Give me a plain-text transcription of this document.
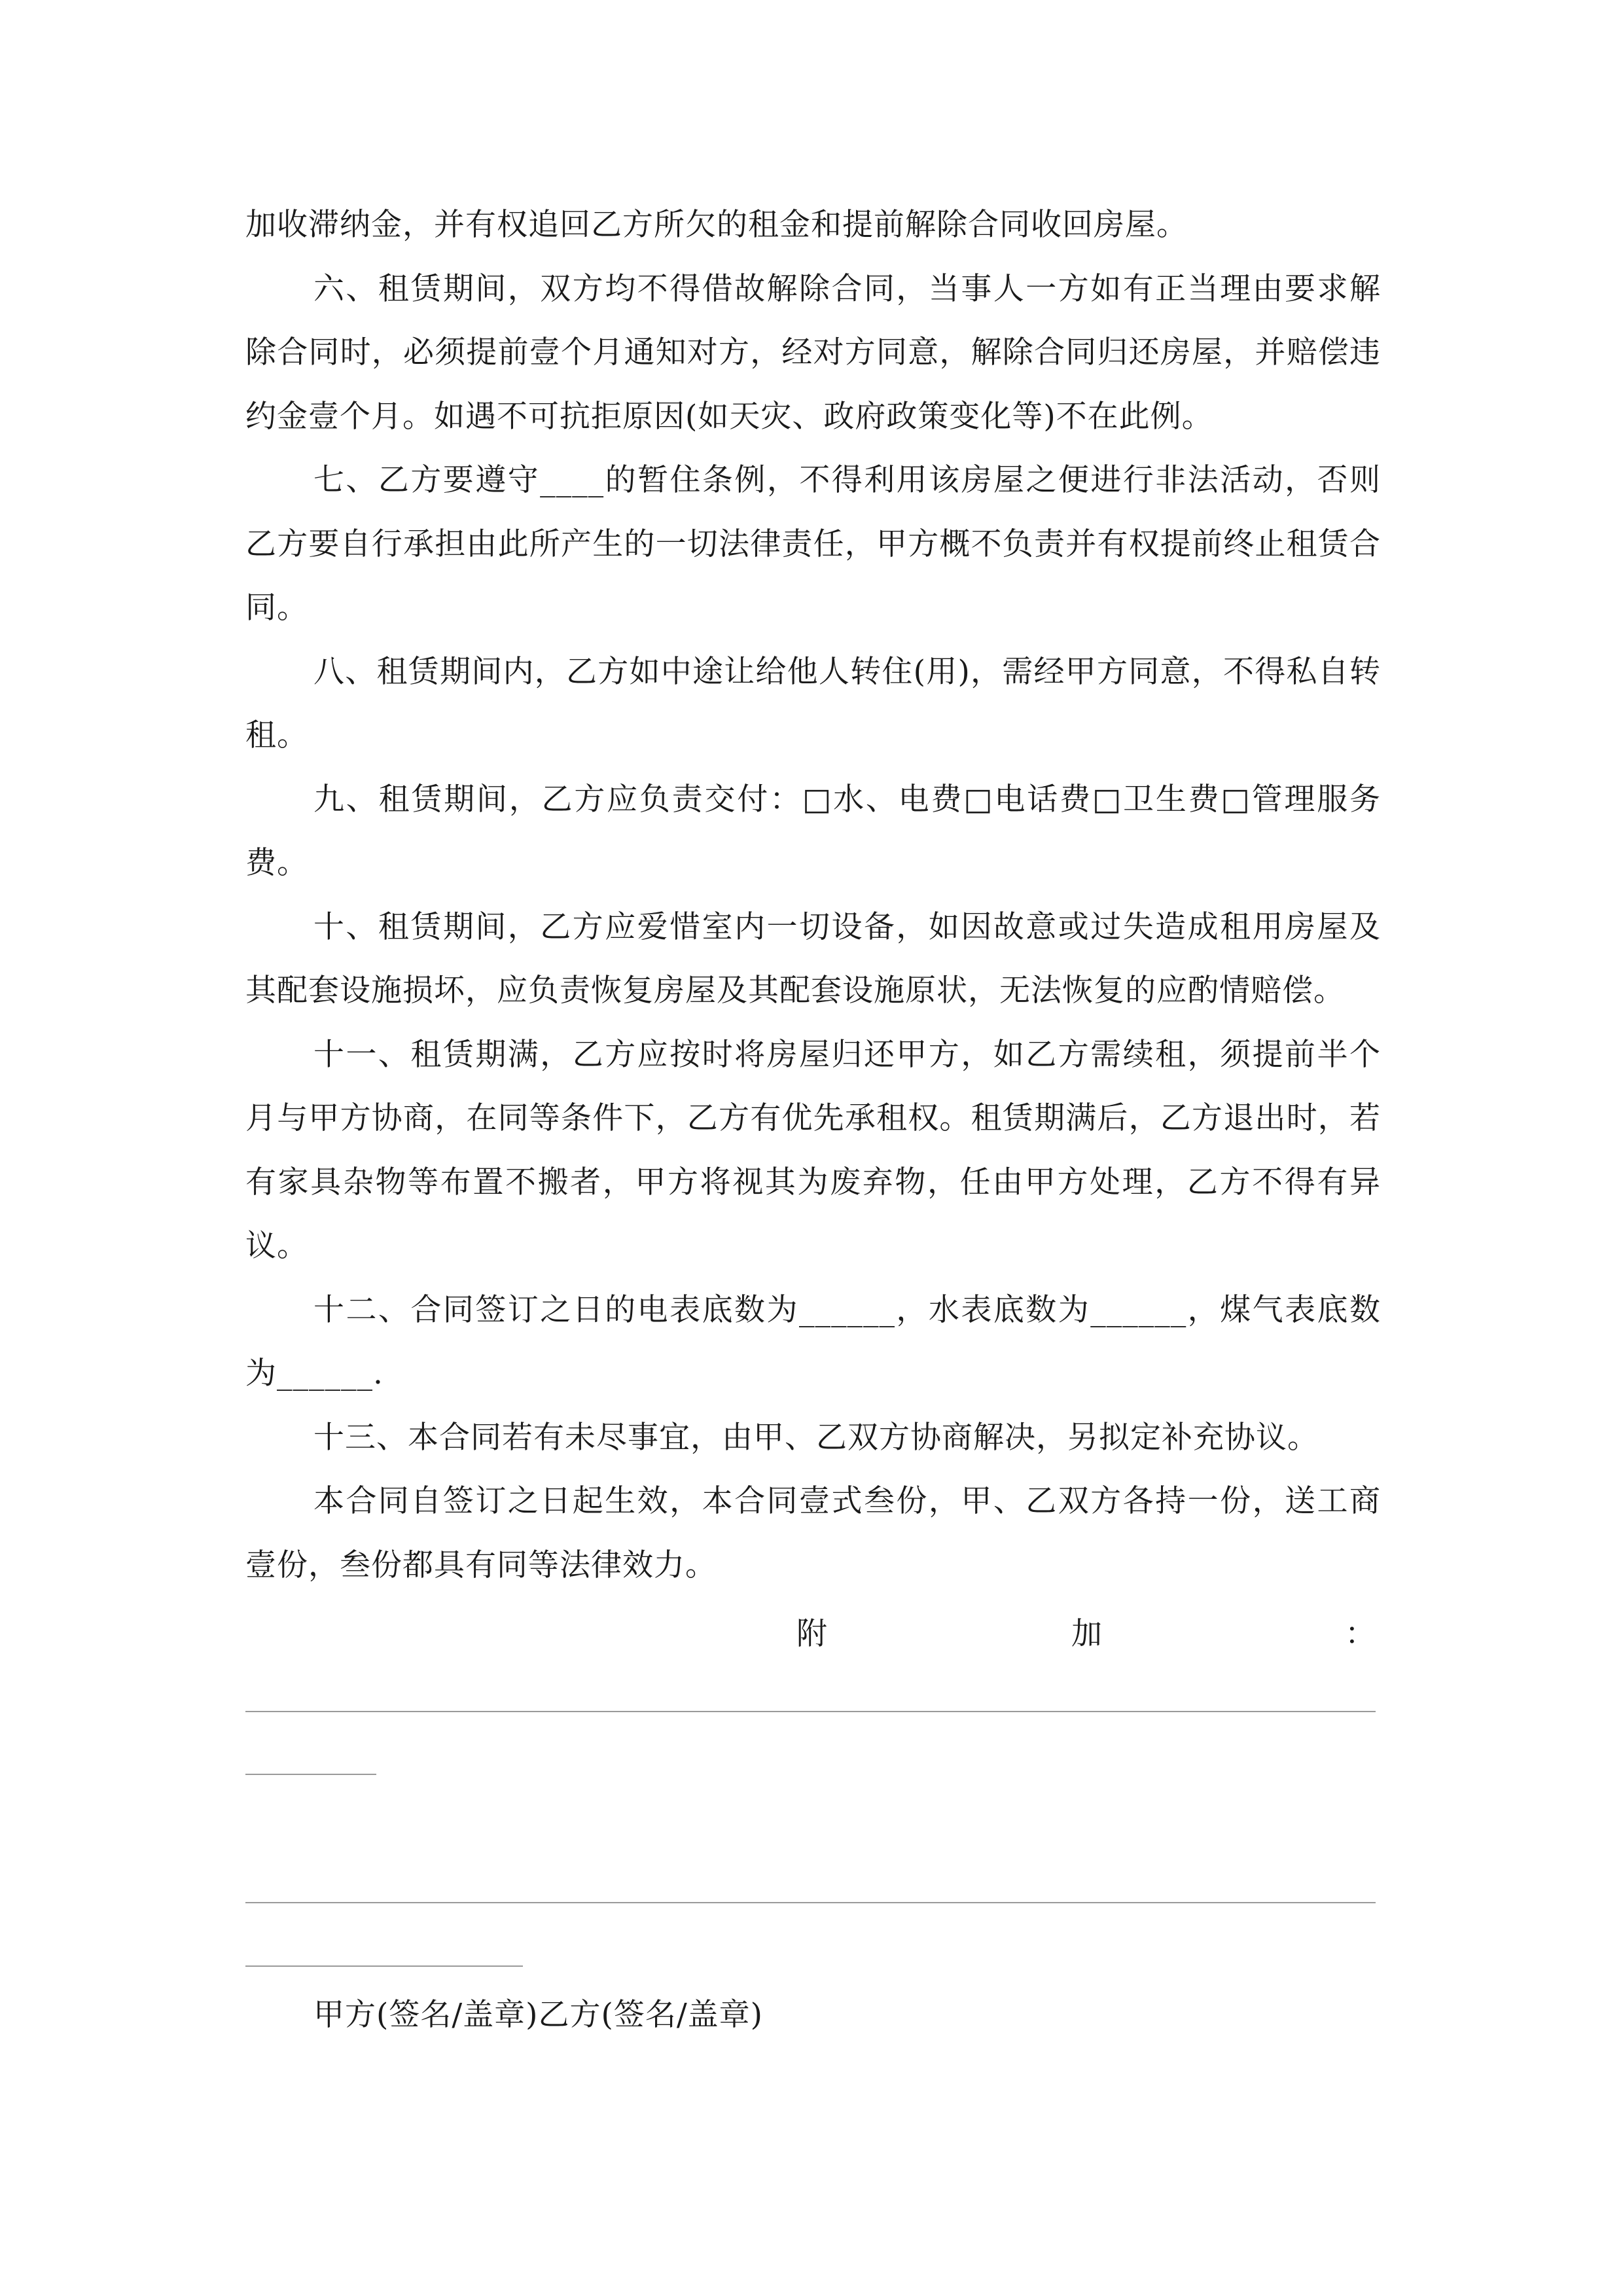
加收滞纳金，并有权追回乙方所欠的租金和提前解除合同收回房屋。

六、租赁期间，双方均不得借故解除合同，当事人一方如有正当理由要求解除合同时，必须提前壹个月通知对方，经对方同意，解除合同归还房屋，并赔偿违约金壹个月。如遇不可抗拒原因(如天灾、政府政策变化等)不在此例。

七、乙方要遵守____的暂住条例，不得利用该房屋之便进行非法活动，否则乙方要自行承担由此所产生的一切法律责任，甲方概不负责并有权提前终止租赁合同。

八、租赁期间内，乙方如中途让给他人转住(用)，需经甲方同意，不得私自转租。

九、租赁期间，乙方应负责交付：□水、电费□电话费□卫生费□管理服务费。

十、租赁期间，乙方应爱惜室内一切设备，如因故意或过失造成租用房屋及其配套设施损坏，应负责恢复房屋及其配套设施原状，无法恢复的应酌情赔偿。

十一、租赁期满，乙方应按时将房屋归还甲方，如乙方需续租，须提前半个月与甲方协商，在同等条件下，乙方有优先承租权。租赁期满后，乙方退出时，若有家具杂物等布置不搬者，甲方将视其为废弃物，任由甲方处理，乙方不得有异议。

十二、合同签订之日的电表底数为______，水表底数为______，煤气表底数为______.

十三、本合同若有未尽事宜，由甲、乙双方协商解决，另拟定补充协议。

本合同自签订之日起生效，本合同壹式叁份，甲、乙双方各持一份，送工商壹份，叁份都具有同等法律效力。

附	加	：
甲方(签名/盖章)乙方(签名/盖章)
